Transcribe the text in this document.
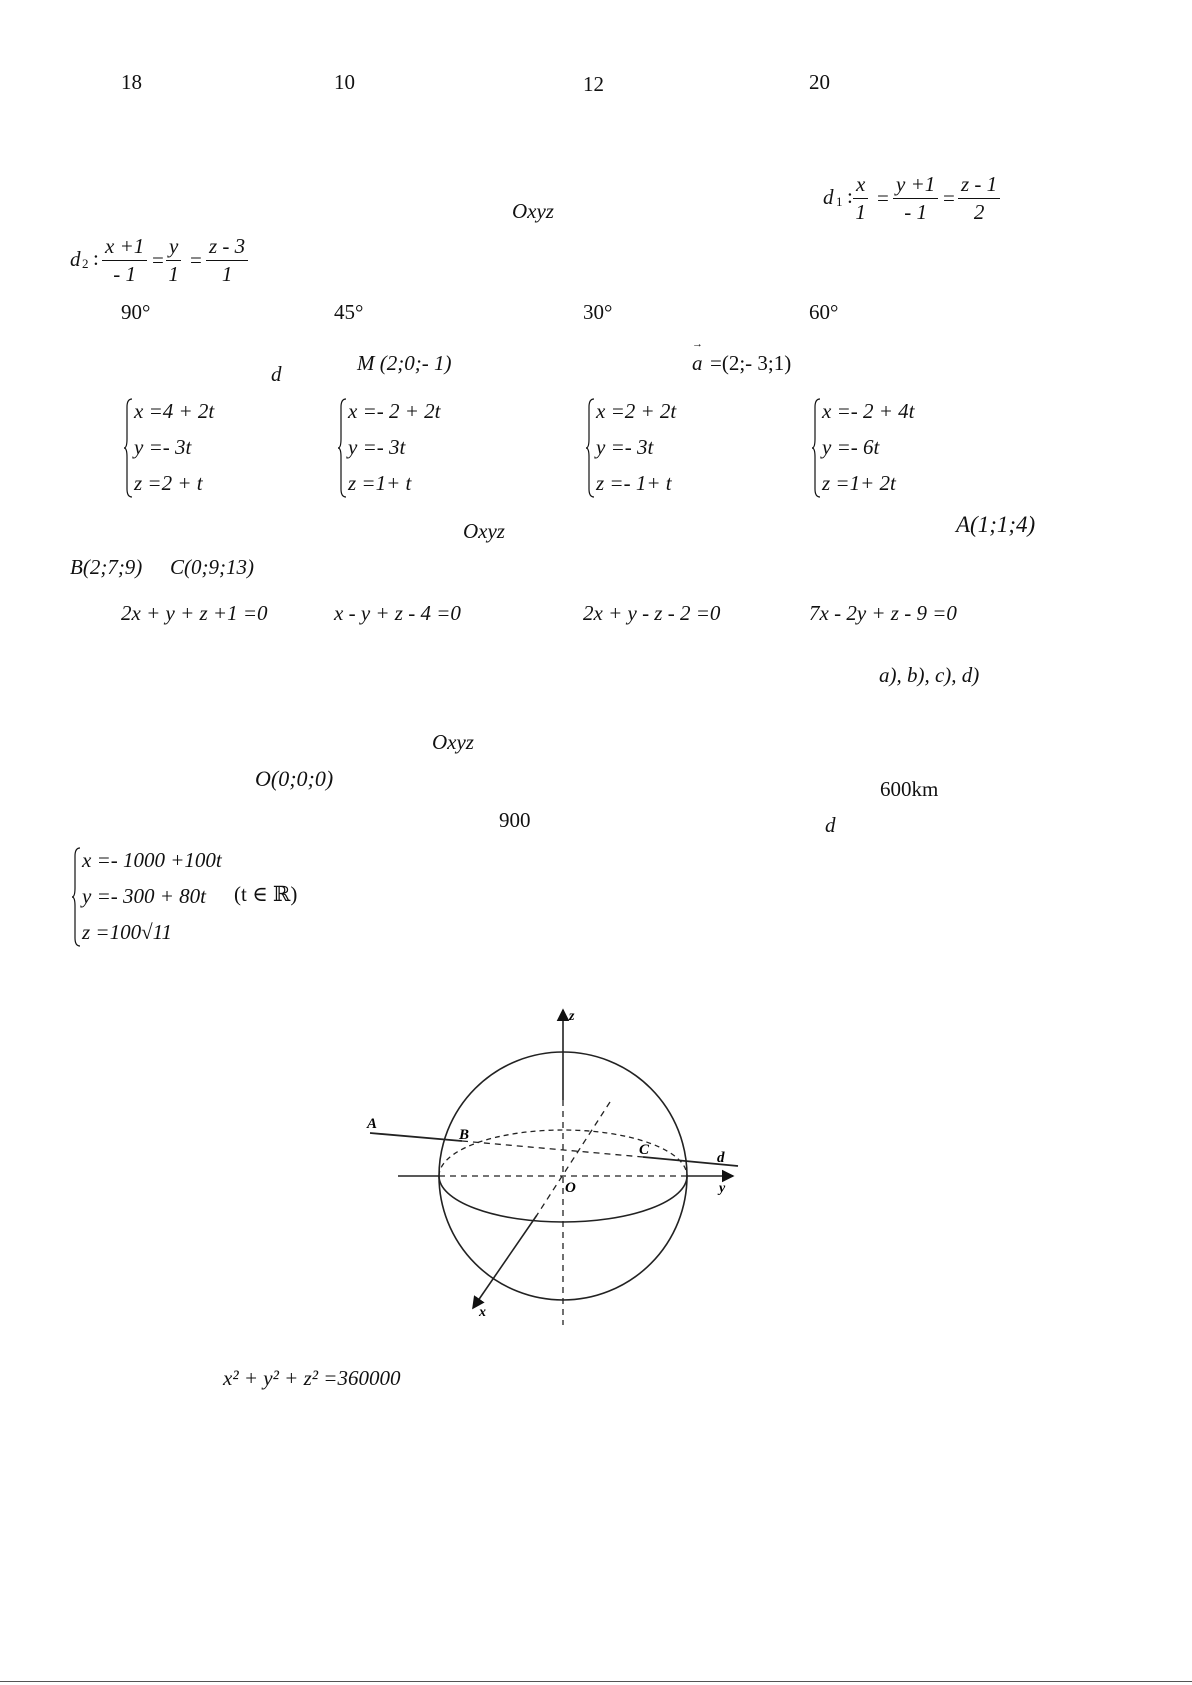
18	10	12	20
Oxyz
d 1 : $\frac{x}{1} = \frac{y +1}{- 1} = \frac{z - 1}{2}$
d 2 : $\frac{x +1}{- 1} = \frac{y}{1} = \frac{z - 3}{1}$
90°	45°	30°	60°
d	M (2;0;- 1)	a
→
=(2;- 3;1)
x =4 + 2t
y =- 3t
z =2 + t
x =- 2 + 2t
y =- 3t
z =1+ t
x =2 + 2t
y =- 3t
z =- 1+ t
x =- 2 + 4t
y =- 6t
z =1+ 2t
Oxyz	A(1;1;4)
B(2;7;9) C(0;9;13)
2x + y + z +1 =0	x - y + z - 4 =0	2x + y - z - 2 =0	7x - 2y + z - 9 =0
a), b), c), d)
Oxyz
O(0;0;0)	600km
900	d
x =- 1000 +100t
y =- 300 + 80t
z =100√11
(t ∈ ℝ)
z
y
x
O
A
B
C	d
x² + y² + z² =360000
